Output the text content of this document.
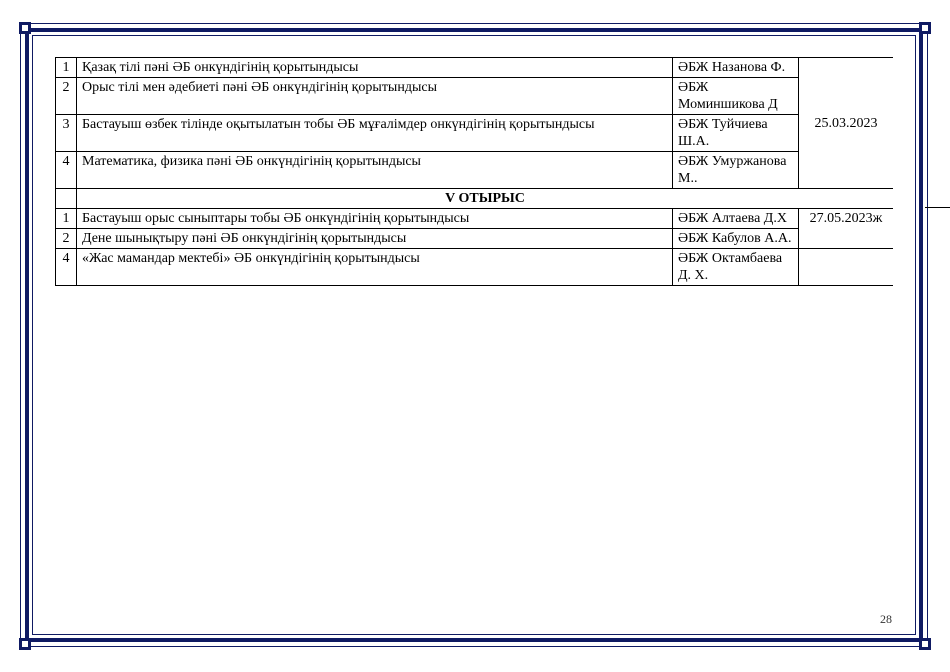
1	Қазақ тілі пәні ӘБ онкүндігінің қорытындысы	ӘБЖ Назанова Ф.	25.03.2023
2	Орыс тілі мен әдебиеті пәні ӘБ онкүндігінің қорытындысы	ӘБЖ Моминшикова Д	
3	Бастауыш өзбек тілінде оқытылатын тобы ӘБ мұғалімдер онкүндігінің қорытындысы	ӘБЖ Туйчиева Ш.А.	
4	Математика, физика пәні ӘБ онкүндігінің қорытындысы	ӘБЖ Умуржанова М..	
	V ОТЫРЫС		
1	Бастауыш орыс сыныптары тобы ӘБ онкүндігінің қорытындысы	ӘБЖ Алтаева Д.Х	27.05.2023ж
2	Дене шынықтыру пәні ӘБ онкүндігінің қорытындысы	ӘБЖ Кабулов А.А.	
4	«Жас мамандар мектебі» ӘБ онкүндігінің қорытындысы	ӘБЖ Октамбаева Д. Х.	
28
